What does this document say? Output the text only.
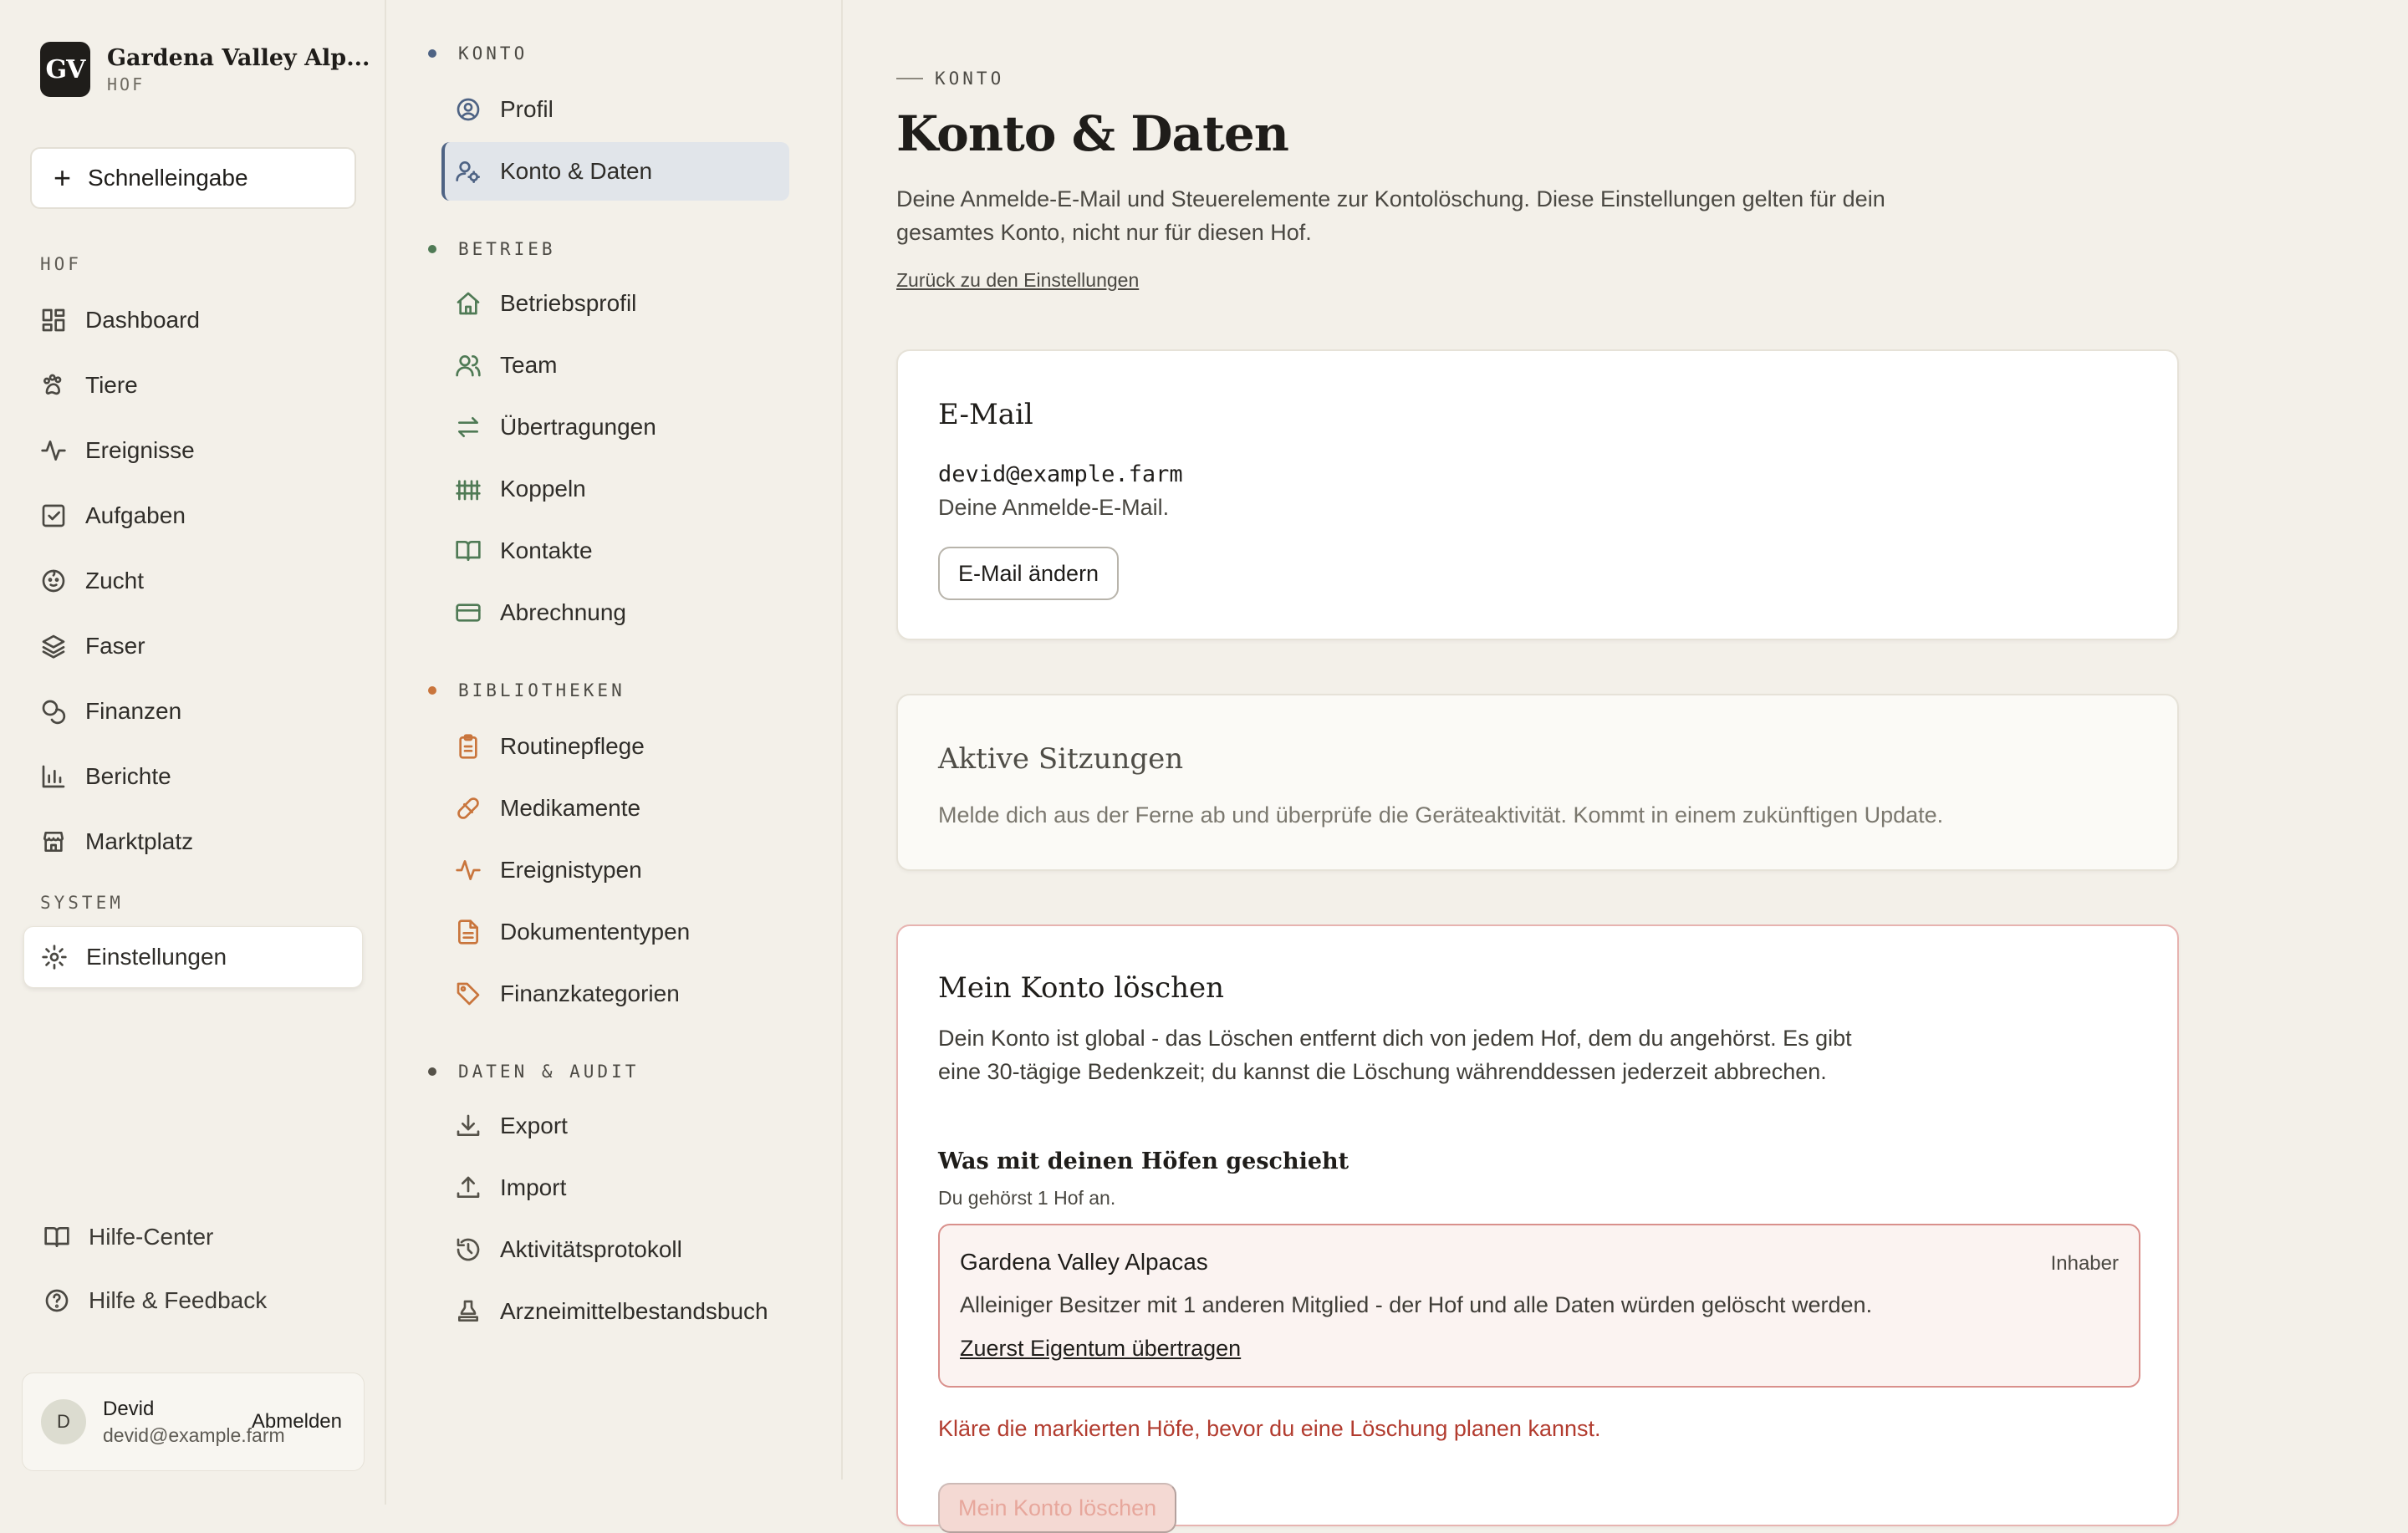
GV Gardena Valley Alp...
HOF
+ Schnelleingabe
HOF
Dashboard
Tiere
Ereignisse
Aufgaben
Zucht
Faser
Finanzen
Berichte
Marktplatz
SYSTEM
Einstellungen
Hilfe-Center
Hilfe & Feedback
D
Devid
devid@example.farm
Abmelden
KONTO
Profil
Konto & Daten
BETRIEB
Betriebsprofil
Team
Übertragungen
Koppeln
Kontakte
Abrechnung
BIBLIOTHEKEN
Routinepflege
Medikamente
Ereignistypen
Dokumententypen
Finanzkategorien
DATEN & AUDIT
Export
Import
Aktivitätsprotokoll
Arzneimittelbestandsbuch
KONTO
Konto & Daten

Deine Anmelde-E-Mail und Steuerelemente zur Kontolöschung. Diese Einstellungen gelten für dein gesamtes Konto, nicht nur für diesen Hof.

Zurück zu den Einstellungen
E-Mail
devid@example.farm
Deine Anmelde-E-Mail.
E-Mail ändern
Aktive Sitzungen
Melde dich aus der Ferne ab und überprüfe die Geräteaktivität. Kommt in einem zukünftigen Update.
Mein Konto löschen

Dein Konto ist global - das Löschen entfernt dich von jedem Hof, dem du angehörst. Es gibt eine 30-tägige Bedenkzeit; du kannst die Löschung währenddessen jederzeit abbrechen.

Was mit deinen Höfen geschieht
Du gehörst 1 Hof an.
Gardena Valley Alpacas	Inhaber
Alleiniger Besitzer mit 1 anderen Mitglied - der Hof und alle Daten würden gelöscht werden.
Zuerst Eigentum übertragen
Kläre die markierten Höfe, bevor du eine Löschung planen kannst.
Mein Konto löschen
